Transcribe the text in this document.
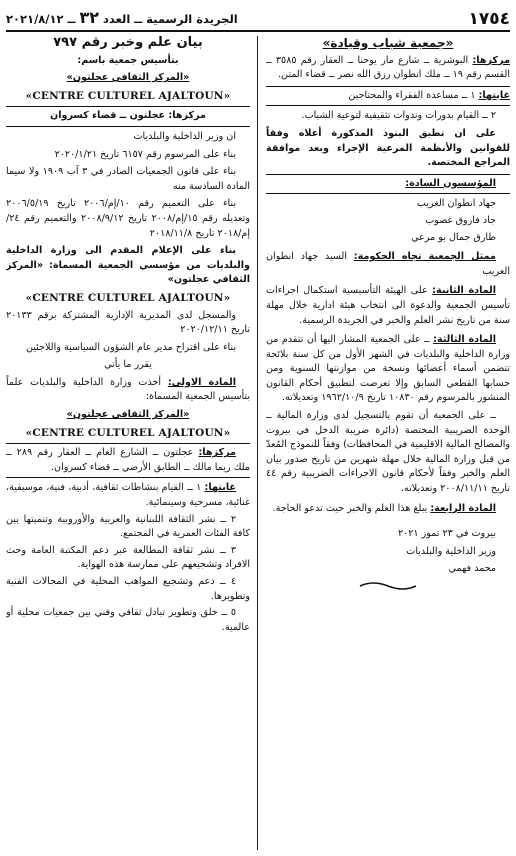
١٧٥٤
الجريدة الرسمية ــ العدد ٣٢ ــ ٢٠٢١/٨/١٢

«جمعية شباب وقيادة»

مركزها: البوشرية ــ شارع مار يوحنا ــ العقار رقم ٣٥٨٥ ــ القسم رقم ١٩ ــ ملك انطوان رزق الله نصر ــ قضاء المتن.

غايتها: ١ ــ مساعدة الفقراء والمحتاجين

٢ ــ القيام بدورات وندوات تثقيفية لتوعية الشباب.

على ان تطبق البنود المذكورة أعلاه وفقاً للقوانين والأنظمة المرعية الإجراء وبعد موافقة المراجع المختصة.

المؤسسون السادة:

جهاد انطوان الغريب

جاد فاروق غصوب

طارق جمال بو مرعي

ممثل الجمعية تجاه الحكومة: السيد جهاد انطوان الغريب

المادة الثانية: على الهيئة التأسيسية استكمال اجراءات تأسيس الجمعية والدعوة الى انتخاب هيئة ادارية خلال مهلة سنة من تاريخ نشر العلم والخبر في الجريدة الرسمية.

المادة الثالثة: ــ على الجمعية المشار اليها أن تتقدم من وزارة الداخلية والبلديات في الشهر الأول من كل سنة بلائحة تتضمن أسماء أعضائها ونسخة من موازنتها السنوية ومن حسابها القطعي السابق وإلا تعرضت لتطبيق أحكام القانون المنشور بالمرسوم رقم ١٠٨٣٠ تاريخ ١٩٦٢/١٠/٩ وتعديلاته.

ــ على الجمعية أن تقوم بالتسجيل لدى وزارة المالية ــ الوحدة الضريبية المختصة (دائرة ضريبة الدخل في بيروت والمصالح المالية الاقليمية في المحافظات) وفقاً للنموذج المُعدّ من قبل وزارة المالية خلال مهلة شهرين من تاريخ صدور بيان العلم والخبر وفقاً لأحكام قانون الاجراءات الضريبية رقم ٤٤ تاريخ ٢٠٠٨/١١/١١ وتعديلاته.

المادة الرابعة: يبلغ هذا العلم والخبر حيث تدعو الحاجة.

بيروت في ٢٣ تموز ٢٠٢١

وزير الداخلية والبلديات

محمد فهمي

بيان علم وخبر رقم ٧٩٧

بتأسيس جمعية باسم:

«المركز الثقافي عجلتون»

«CENTRE CULTUREL AJALTOUN»

مركزها: عجلتون ــ قضاء كسروان

ان وزير الداخلية والبلديات

بناء على المرسوم رقم ٦١٥٧ تاريخ ٢٠٢٠/١/٢١

بناء على قانون الجمعيات الصادر في ٣ آب ١٩٠٩ ولا سيما المادة السادسة منه

بناء على التعميم رقم ١٠/إم/٢٠٠٦ تاريخ ٢٠٠٦/٥/١٩ وتعديله رقم ١٥/إم/٢٠٠٨ تاريخ ٢٠٠٨/٩/١٢ والتعميم رقم ٢٤/إم/٢٠١٨ تاريخ ٢٠١٨/١١/٨

بناء على الإعلام المقدم الى وزارة الداخلية والبلديات من مؤسسي الجمعية المسماة: «المركز الثقافي عجلتون»

«CENTRE CULTUREL AJALTOUN»

والمسجل لدى المديرية الإدارية المشتركة برقم ٢٠١٣٣ تاريخ ٢٠٢٠/١٢/١١

بناء على اقتراح مدير عام الشؤون السياسية واللاجئين

يقرر ما يأتي

المادة الاولى: أخذت وزارة الداخلية والبلديات علماً بتأسيس الجمعية المسماة:

«المركز الثقافي عجلتون»

«CENTRE CULTUREL AJALTOUN»

مركزها: عجلتون ــ الشارع العام ــ العقار رقم ٢٨٩ ــ ملك ريما مالك ــ الطابق الأرضي ــ قضاء كسروان.

غايتها: ١ ــ القيام بنشاطات ثقافية، أدبية، فنية، موسيقية، غنائية، مسرحية وسينمائية.

٢ ــ نشر الثقافة اللبنانية والعربية والأوروبية وتنميتها بين كافة الفئات العمرية في المجتمع.

٣ ــ نشر ثقافة المطالعة عبر دعم المكتبة العامة وحث الافراد وتشجيعهم على ممارسة هذه الهواية.

٤ ــ دعم وتشجيع المواهب المحلية في المجالات الفنية وتطويرها.

٥ ــ خلق وتطوير تبادل ثقافي وفني بين جمعيات محلية أو عالمية.
